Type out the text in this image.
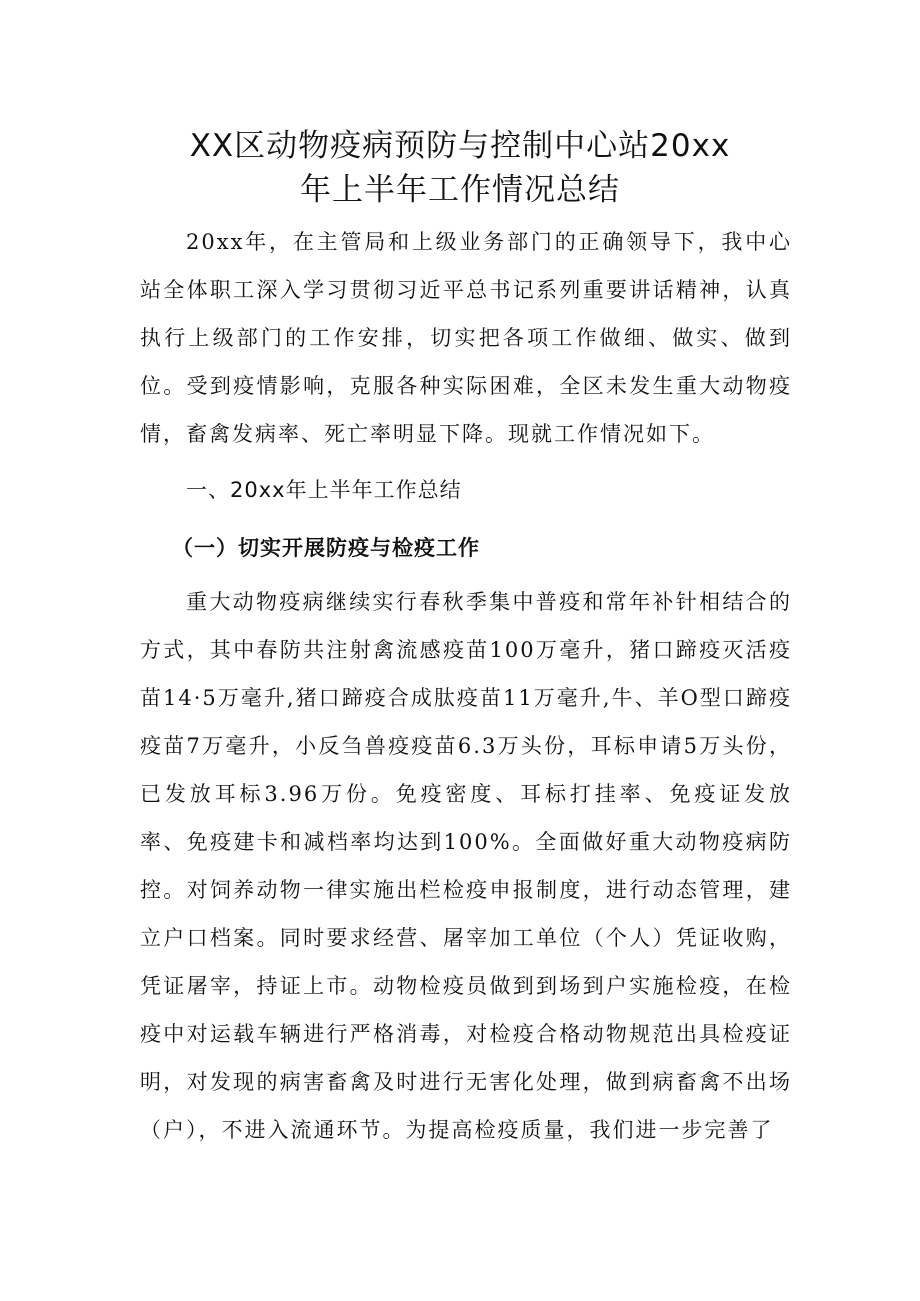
XX区动物疫病预防与控制中心站20xx
年上半年工作情况总结
20xx年，在主管局和上级业务部门的正确领导下，我中心站全体职工深入学习贯彻习近平总书记系列重要讲话精神，认真执行上级部门的工作安排，切实把各项工作做细、做实、做到位。受到疫情影响，克服各种实际困难，全区未发生重大动物疫情，畜禽发病率、死亡率明显下降。现就工作情况如下。
一、20xx年上半年工作总结
（一）切实开展防疫与检疫工作
重大动物疫病继续实行春秋季集中普疫和常年补针相结合的方式，其中春防共注射禽流感疫苗100万毫升，猪口蹄疫灭活疫苗14·5万毫升,猪口蹄疫合成肽疫苗11万毫升,牛、羊O型口蹄疫疫苗7万毫升，小反刍兽疫疫苗6.3万头份，耳标申请5万头份，已发放耳标3.96万份。免疫密度、耳标打挂率、免疫证发放率、免疫建卡和减档率均达到100%。全面做好重大动物疫病防控。对饲养动物一律实施出栏检疫申报制度，进行动态管理，建立户口档案。同时要求经营、屠宰加工单位（个人）凭证收购，凭证屠宰，持证上市。动物检疫员做到到场到户实施检疫，在检疫中对运载车辆进行严格消毒，对检疫合格动物规范出具检疫证明，对发现的病害畜禽及时进行无害化处理，做到病畜禽不出场（户），不进入流通环节。为提高检疫质量，我们进一步完善了
